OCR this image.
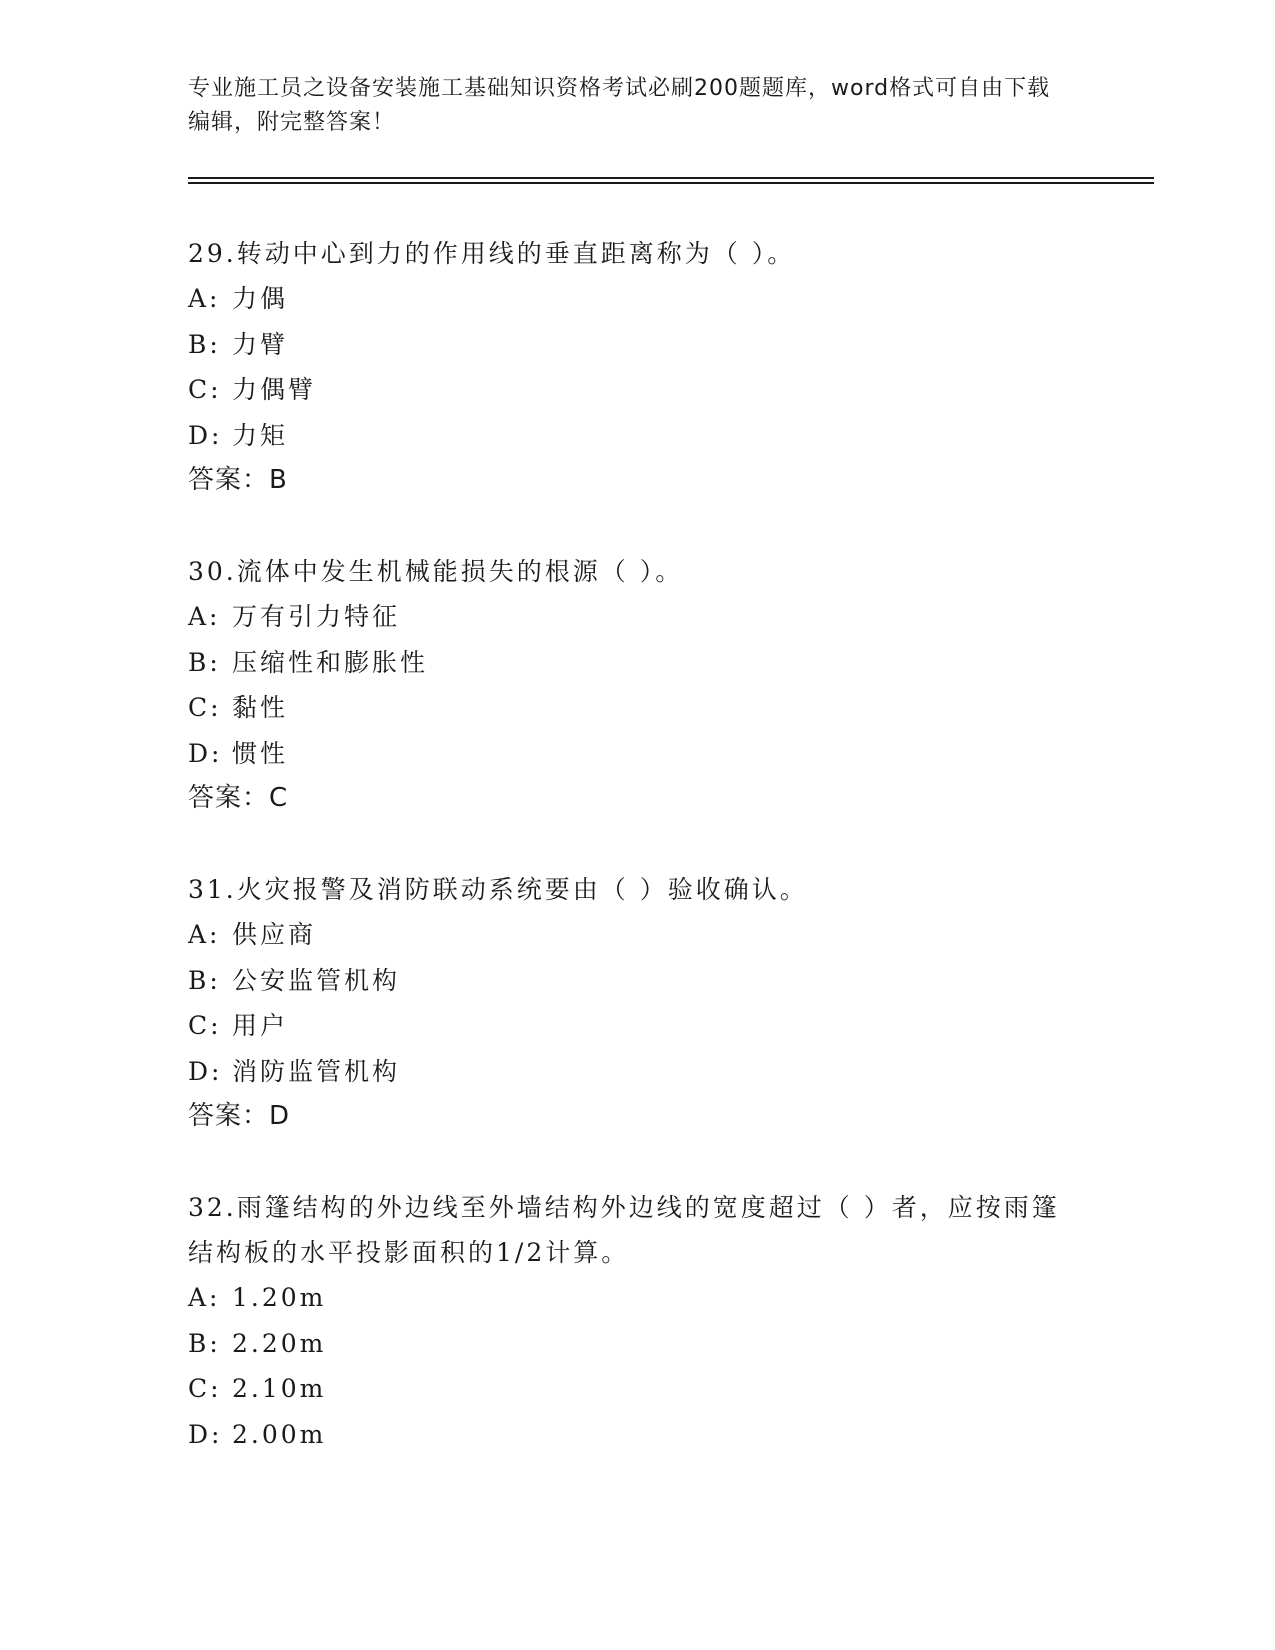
专业施工员之设备安装施工基础知识资格考试必刷200题题库，word格式可自由下载编辑，附完整答案！
29.转动中心到力的作用线的垂直距离称为（ ）。
A: 力偶
B: 力臂
C: 力偶臂
D: 力矩
答案：B
30.流体中发生机械能损失的根源（ ）。
A: 万有引力特征
B: 压缩性和膨胀性
C: 黏性
D: 惯性
答案：C
31.火灾报警及消防联动系统要由（ ）验收确认。
A: 供应商
B: 公安监管机构
C: 用户
D: 消防监管机构
答案：D
32.雨篷结构的外边线至外墙结构外边线的宽度超过（ ）者，应按雨篷结构板的水平投影面积的1/2计算。
A: 1.20m
B: 2.20m
C: 2.10m
D: 2.00m
